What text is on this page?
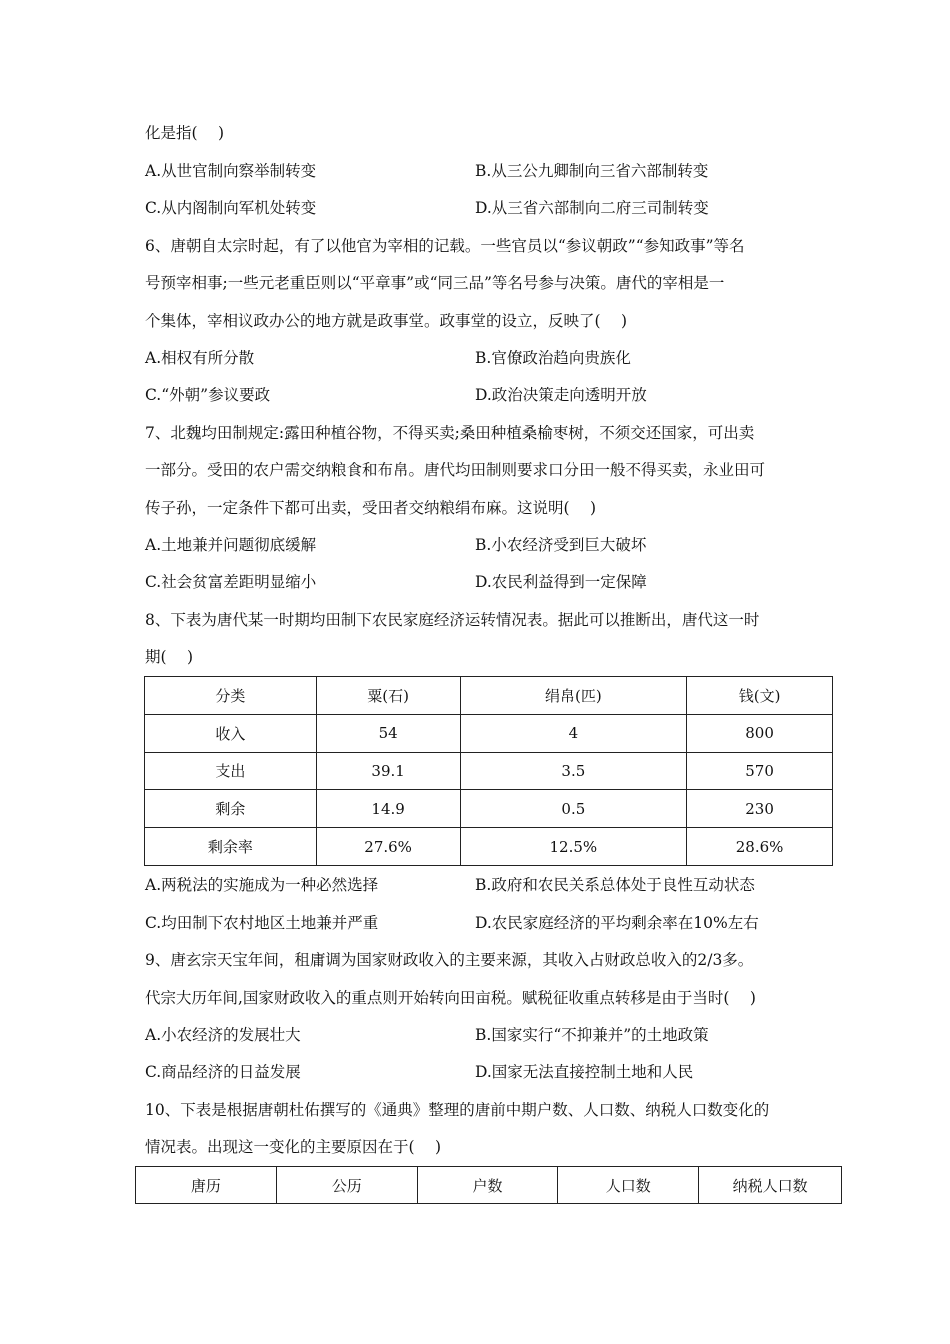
化是指(　 )
A.从世官制向察举制转变	B.从三公九卿制向三省六部制转变
C.从内阁制向军机处转变	D.从三省六部制向二府三司制转变
6、唐朝自太宗时起，有了以他官为宰相的记载。一些官员以“参议朝政”“参知政事”等名
号预宰相事;一些元老重臣则以“平章事”或“同三品”等名号参与决策。唐代的宰相是一
个集体，宰相议政办公的地方就是政事堂。政事堂的设立，反映了(　 )
A.相权有所分散	B.官僚政治趋向贵族化
C.“外朝”参议要政	D.政治决策走向透明开放
7、北魏均田制规定:露田种植谷物，不得买卖;桑田种植桑榆枣树，不须交还国家，可出卖
一部分。受田的农户需交纳粮食和布帛。唐代均田制则要求口分田一般不得买卖，永业田可
传子孙，一定条件下都可出卖，受田者交纳粮绢布麻。这说明(　 )
A.土地兼并问题彻底缓解	B.小农经济受到巨大破坏
C.社会贫富差距明显缩小	D.农民利益得到一定保障
8、下表为唐代某一时期均田制下农民家庭经济运转情况表。据此可以推断出，唐代这一时
期(　 )
分类	粟(石)	绢帛(匹)	钱(文)
收入	54	4	800
支出	39.1	3.5	570
剩余	14.9	0.5	230
剩余率	27.6%	12.5%	28.6%
A.两税法的实施成为一种必然选择	B.政府和农民关系总体处于良性互动状态
C.均田制下农村地区土地兼并严重	D.农民家庭经济的平均剩余率在10%左右
9、唐玄宗天宝年间，租庸调为国家财政收入的主要来源，其收入占财政总收入的2/3多。
代宗大历年间,国家财政收入的重点则开始转向田亩税。赋税征收重点转移是由于当时(　 )
A.小农经济的发展壮大	B.国家实行“不抑兼并”的土地政策
C.商品经济的日益发展	D.国家无法直接控制土地和人民
10、下表是根据唐朝杜佑撰写的《通典》整理的唐前中期户数、人口数、纳税人口数变化的
情况表。出现这一变化的主要原因在于(　 )
唐历	公历	户数	人口数	纳税人口数
